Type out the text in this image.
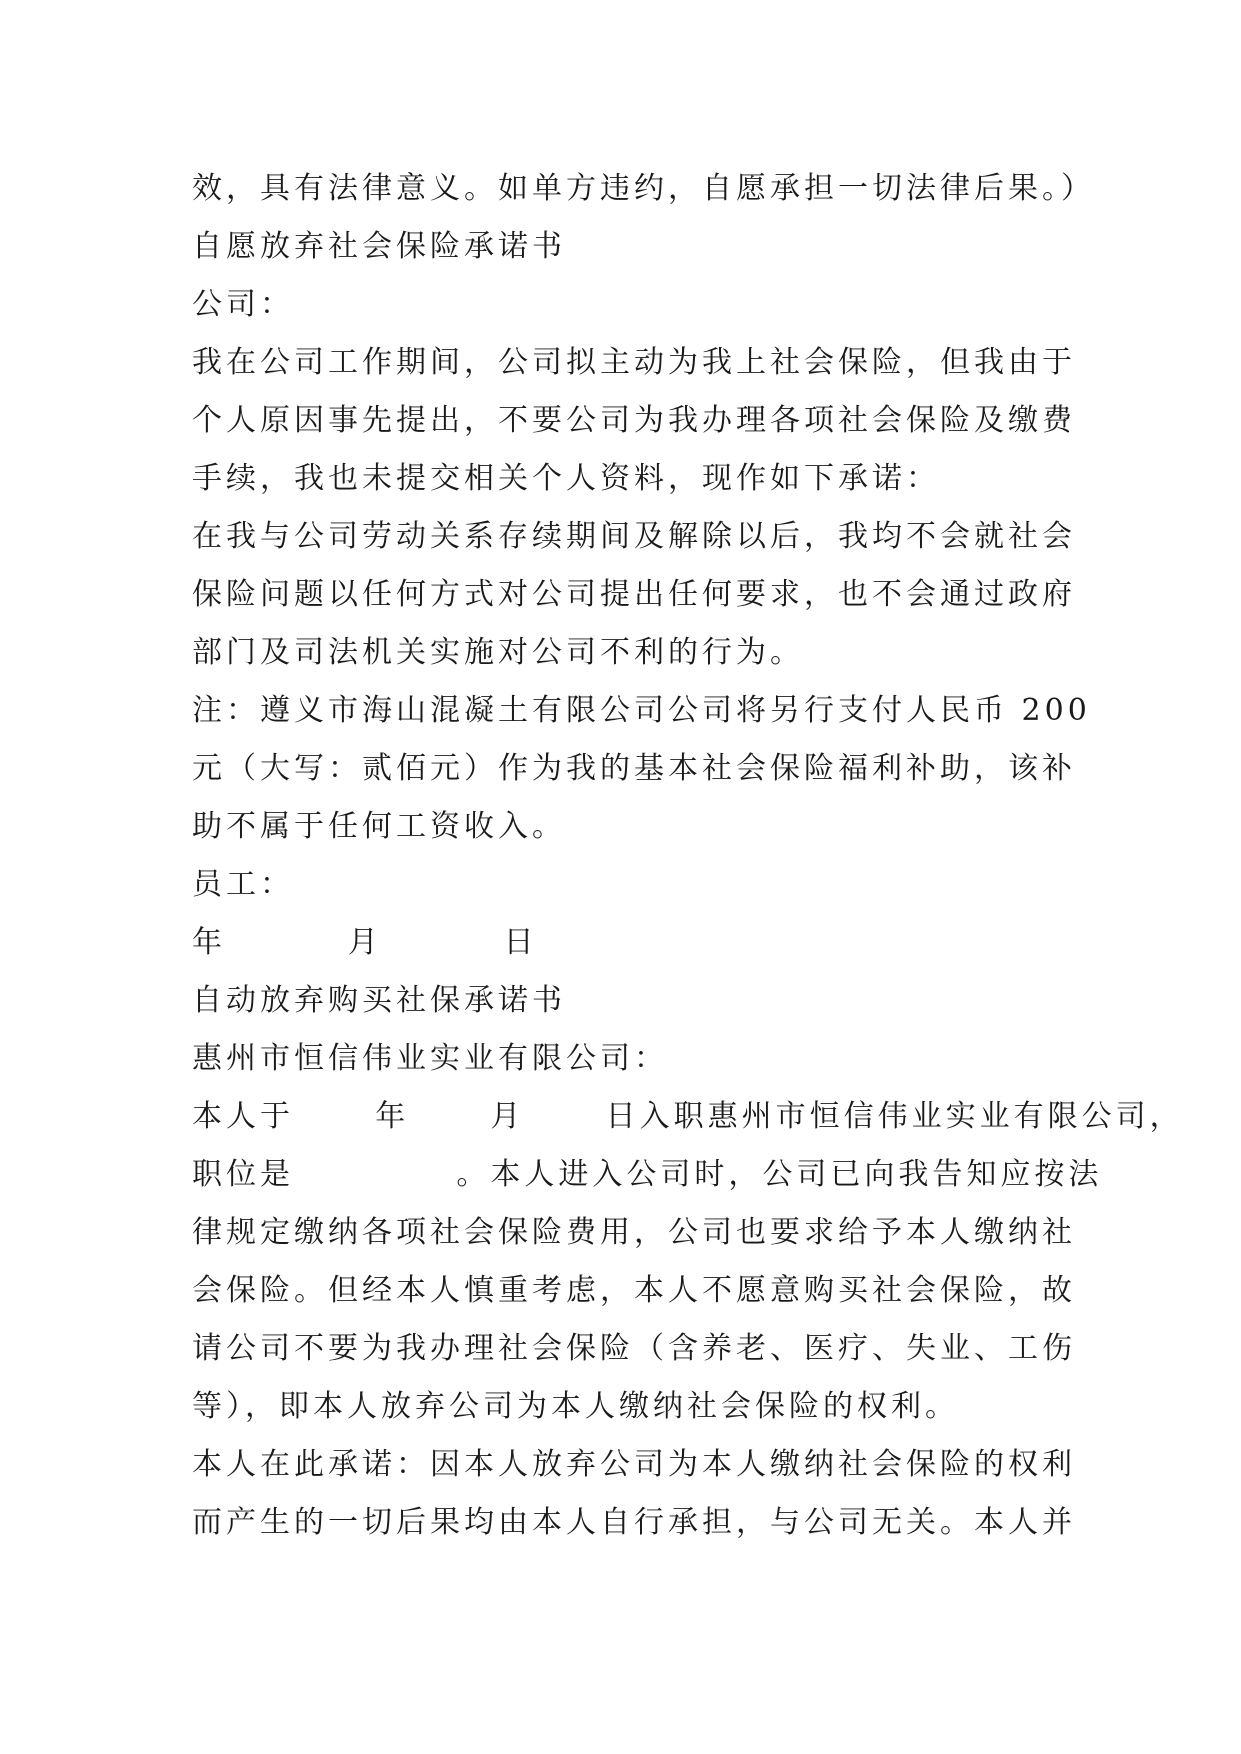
效，具有法律意义。如单方违约，自愿承担一切法律后果。）
自愿放弃社会保险承诺书
公司：
我在公司工作期间，公司拟主动为我上社会保险，但我由于
个人原因事先提出，不要公司为我办理各项社会保险及缴费
手续，我也未提交相关个人资料，现作如下承诺：
在我与公司劳动关系存续期间及解除以后，我均不会就社会
保险问题以任何方式对公司提出任何要求，也不会通过政府
部门及司法机关实施对公司不利的行为。
注：遵义市海山混凝土有限公司公司将另行支付人民币 200
元（大写：贰佰元）作为我的基本社会保险福利补助，该补
助不属于任何工资收入。
员工：
年         月         日
自动放弃购买社保承诺书
惠州市恒信伟业实业有限公司：
本人于      年      月      日入职惠州市恒信伟业实业有限公司，
职位是            。本人进入公司时，公司已向我告知应按法
律规定缴纳各项社会保险费用，公司也要求给予本人缴纳社
会保险。但经本人慎重考虑，本人不愿意购买社会保险，故
请公司不要为我办理社会保险（含养老、医疗、失业、工伤
等），即本人放弃公司为本人缴纳社会保险的权利。
本人在此承诺：因本人放弃公司为本人缴纳社会保险的权利
而产生的一切后果均由本人自行承担，与公司无关。本人并
